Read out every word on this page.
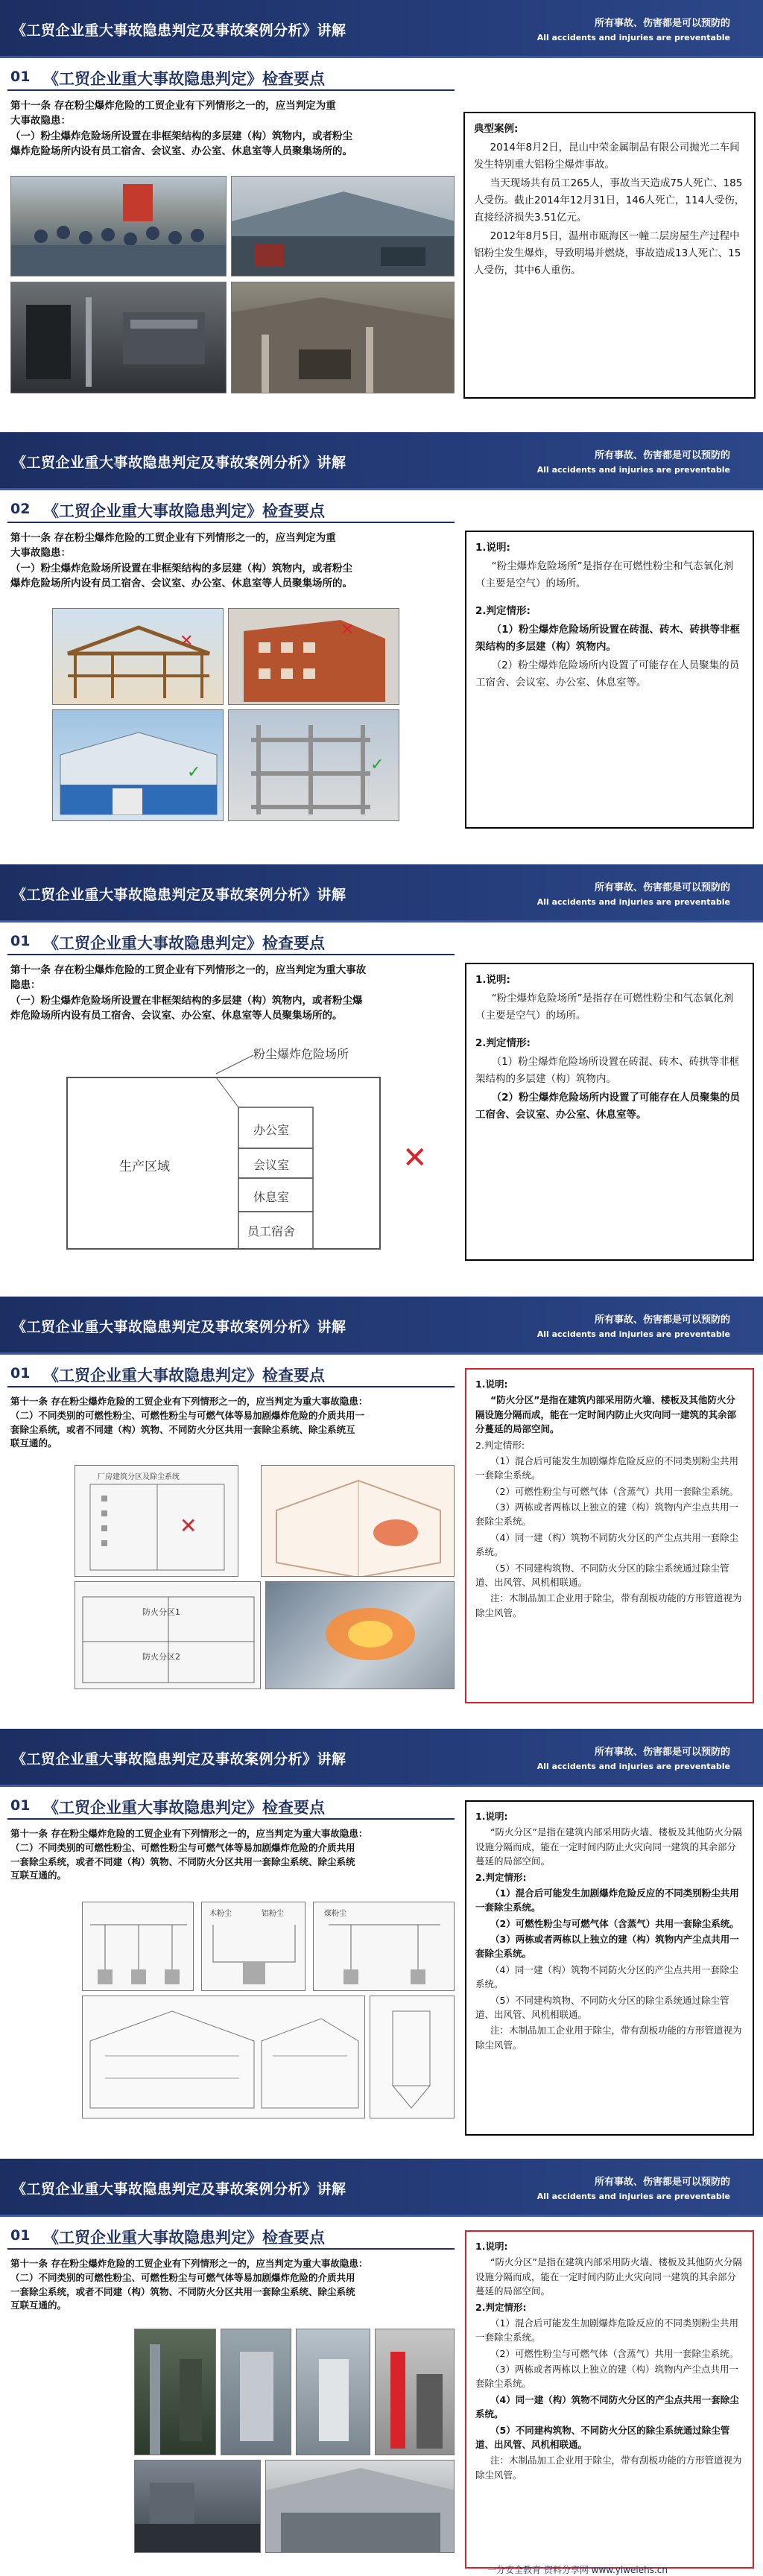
《工贸企业重大事故隐患判定及事故案例分析》讲解	所有事故、伤害都是可以预防的
All accidents and injuries are preventable
01 《工贸企业重大事故隐患判定》检查要点
第十一条 存在粉尘爆炸危险的工贸企业有下列情形之一的，应当判定为重
大事故隐患：
（一）粉尘爆炸危险场所设置在非框架结构的多层建（构）筑物内，或者粉尘
爆炸危险场所内设有员工宿舍、会议室、办公室、休息室等人员聚集场所的。

典型案例:

2014年8月2日，昆山中荣金属制品有限公司抛光二车间发生特别重大铝粉尘爆炸事故。

当天现场共有员工265人，事故当天造成75人死亡、185人受伤。截止2014年12月31日，146人死亡，114人受伤，直接经济损失3.51亿元。

2012年8月5日，温州市瓯海区一幢二层房屋生产过程中铝粉尘发生爆炸，导致明場并燃烧，事故造成13人死亡、15人受伤，其中6人重伤。

《工贸企业重大事故隐患判定及事故案例分析》讲解	所有事故、伤害都是可以预防的
All accidents and injuries are preventable
02 《工贸企业重大事故隐患判定》检查要点
第十一条 存在粉尘爆炸危险的工贸企业有下列情形之一的，应当判定为重
大事故隐患：
（一）粉尘爆炸危险场所设置在非框架结构的多层建（构）筑物内，或者粉尘
爆炸危险场所内设有员工宿舍、会议室、办公室、休息室等人员聚集场所的。
✕
✕
✓	✓

1.说明:

“粉尘爆炸危险场所”是指存在可燃性粉尘和气态氧化剂（主要是空气）的场所。

2.判定情形:

（1）粉尘爆炸危险场所设置在砖混、砖木、砖拱等非框架结构的多层建（构）筑物内。

（2）粉尘爆炸危险场所内设置了可能存在人员聚集的员工宿舍、会议室、办公室、休息室等。

《工贸企业重大事故隐患判定及事故案例分析》讲解	所有事故、伤害都是可以预防的
All accidents and injuries are preventable
01 《工贸企业重大事故隐患判定》检查要点
第十一条 存在粉尘爆炸危险的工贸企业有下列情形之一的，应当判定为重大事故
隐患：
（一）粉尘爆炸危险场所设置在非框架结构的多层建（构）筑物内，或者粉尘爆
炸危险场所内设有员工宿舍、会议室、办公室、休息室等人员聚集场所的。
粉尘爆炸危险场所
生产区域
办公室
会议室
休息室
员工宿舍
✕

1.说明:

“粉尘爆炸危险场所”是指存在可燃性粉尘和气态氧化剂（主要是空气）的场所。

2.判定情形:

（1）粉尘爆炸危险场所设置在砖混、砖木、砖拱等非框架结构的多层建（构）筑物内。

（2）粉尘爆炸危险场所内设置了可能存在人员聚集的员工宿舍、会议室、办公室、休息室等。

《工贸企业重大事故隐患判定及事故案例分析》讲解	所有事故、伤害都是可以预防的
All accidents and injuries are preventable
01 《工贸企业重大事故隐患判定》检查要点
第十一条 存在粉尘爆炸危险的工贸企业有下列情形之一的，应当判定为重大事故隐患：
（二）不同类别的可燃性粉尘、可燃性粉尘与可燃气体等易加剧爆炸危险的介质共用一
套除尘系统，或者不同建（构）筑物、不同防火分区共用一套除尘系统、除尘系统互
联互通的。
厂房建筑分区及除尘系统
✕
防火分区1
防火分区2

1.说明:

“防火分区”是指在建筑内部采用防火墙、楼板及其他防火分隔设施分隔而成，能在一定时间内防止火灾向同一建筑的其余部分蔓延的局部空间。

2.判定情形:

（1）混合后可能发生加剧爆炸危险反应的不同类别粉尘共用一套除尘系统。

（2）可燃性粉尘与可燃气体（含蒸气）共用一套除尘系统。

（3）两栋或者两栋以上独立的建（构）筑物内产尘点共用一套除尘系统。

（4）同一建（构）筑物不同防火分区的产尘点共用一套除尘系统。

（5）不同建构筑物、不同防火分区的除尘系统通过除尘管道、出风管、风机相联通。

注：木制品加工企业用于除尘，带有刮板功能的方形管道视为除尘风管。

《工贸企业重大事故隐患判定及事故案例分析》讲解	所有事故、伤害都是可以预防的
All accidents and injuries are preventable
01 《工贸企业重大事故隐患判定》检查要点
第十一条 存在粉尘爆炸危险的工贸企业有下列情形之一的，应当判定为重大事故隐患：
（二）不同类别的可燃性粉尘、可燃性粉尘与可燃气体等易加剧爆炸危险的介质共用
一套除尘系统，或者不同建（构）筑物、不同防火分区共用一套除尘系统、除尘系统
互联互通的。
木粉尘	铝粉尘	煤粉尘

1.说明:

“防火分区”是指在建筑内部采用防火墙、楼板及其他防火分隔设施分隔而成，能在一定时间内防止火灾向同一建筑的其余部分蔓延的局部空间。

2.判定情形:

（1）混合后可能发生加剧爆炸危险反应的不同类别粉尘共用一套除尘系统。

（2）可燃性粉尘与可燃气体（含蒸气）共用一套除尘系统。

（3）两栋或者两栋以上独立的建（构）筑物内产尘点共用一套除尘系统。

（4）同一建（构）筑物不同防火分区的产尘点共用一套除尘系统。

（5）不同建构筑物、不同防火分区的除尘系统通过除尘管道、出风管、风机相联通。

注：木制品加工企业用于除尘，带有刮板功能的方形管道视为除尘风管。

《工贸企业重大事故隐患判定及事故案例分析》讲解	所有事故、伤害都是可以预防的
All accidents and injuries are preventable
01 《工贸企业重大事故隐患判定》检查要点
第十一条 存在粉尘爆炸危险的工贸企业有下列情形之一的，应当判定为重大事故隐患：
（二）不同类别的可燃性粉尘、可燃性粉尘与可燃气体等易加剧爆炸危险的介质共用
一套除尘系统，或者不同建（构）筑物、不同防火分区共用一套除尘系统、除尘系统
互联互通的。

1.说明:

“防火分区”是指在建筑内部采用防火墙、楼板及其他防火分隔设施分隔而成，能在一定时间内防止火灾向同一建筑的其余部分蔓延的局部空间。

2.判定情形:

（1）混合后可能发生加剧爆炸危险反应的不同类别粉尘共用一套除尘系统。

（2）可燃性粉尘与可燃气体（含蒸气）共用一套除尘系统。

（3）两栋或者两栋以上独立的建（构）筑物内产尘点共用一套除尘系统。

（4）同一建（构）筑物不同防火分区的产尘点共用一套除尘系统。

（5）不同建构筑物、不同防火分区的除尘系统通过除尘管道、出风管、风机相联通。

注：木制品加工企业用于除尘，带有刮板功能的方形管道视为除尘风管。

一分安全教育 资料分享网 www.yiweiehs.cn
